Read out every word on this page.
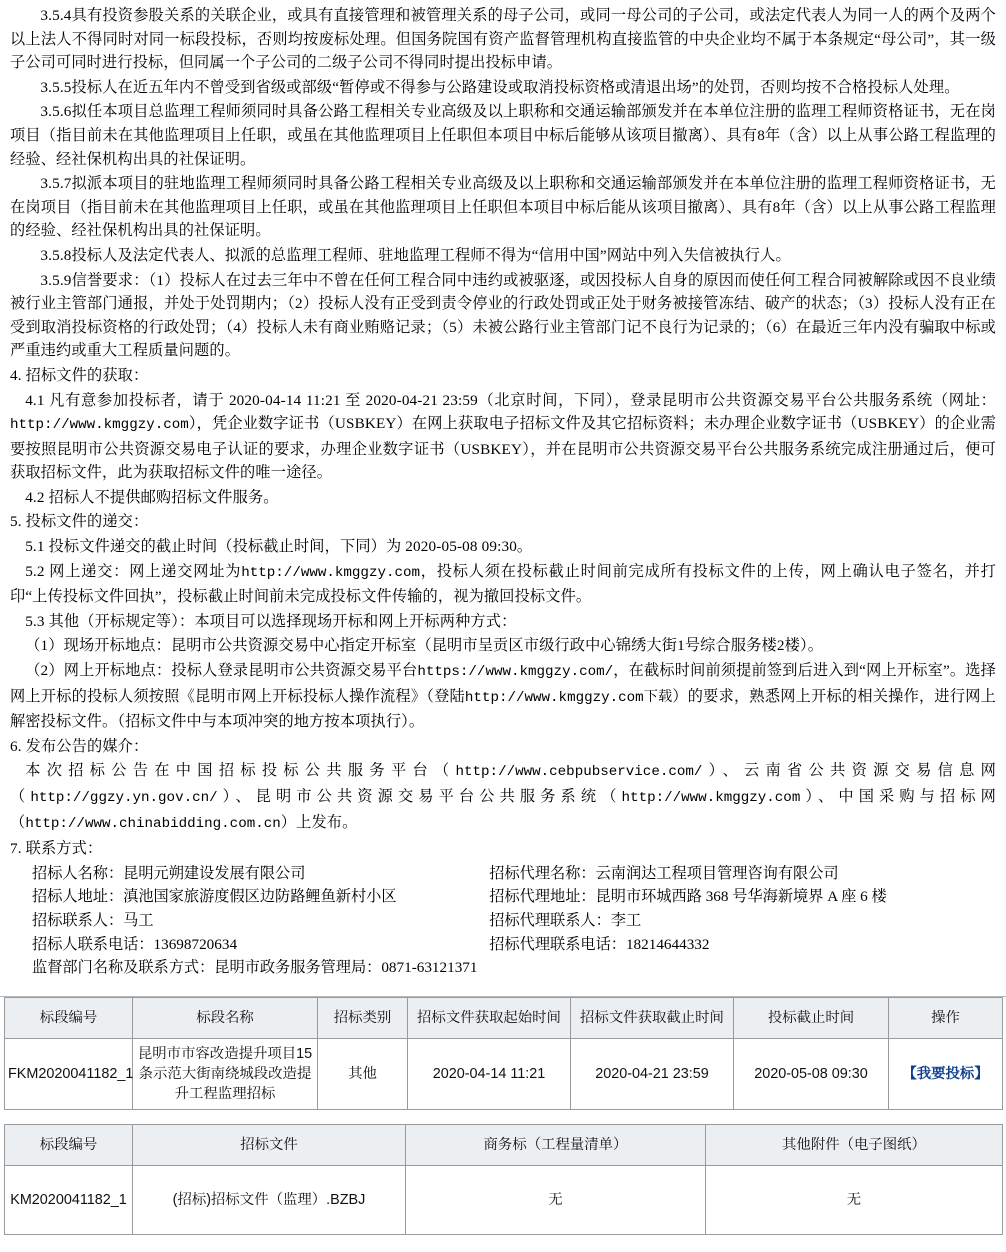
3.5.4具有投资参股关系的关联企业，或具有直接管理和被管理关系的母子公司，或同一母公司的子公司，或法定代表人为同一人的两个及两个以上法人不得同时对同一标段投标，否则均按废标处理。但国务院国有资产监督管理机构直接监管的中央企业均不属于本条规定“母公司”，其一级子公司可同时进行投标，但同属一个子公司的二级子公司不得同时提出投标申请。

3.5.5投标人在近五年内不曾受到省级或部级“暂停或不得参与公路建设或取消投标资格或清退出场”的处罚，否则均按不合格投标人处理。

3.5.6拟任本项目总监理工程师须同时具备公路工程相关专业高级及以上职称和交通运输部颁发并在本单位注册的监理工程师资格证书，无在岗项目（指目前未在其他监理项目上任职，或虽在其他监理项目上任职但本项目中标后能够从该项目撤离）、具有8年（含）以上从事公路工程监理的经验、经社保机构出具的社保证明。

3.5.7拟派本项目的驻地监理工程师须同时具备公路工程相关专业高级及以上职称和交通运输部颁发并在本单位注册的监理工程师资格证书，无在岗项目（指目前未在其他监理项目上任职，或虽在其他监理项目上任职但本项目中标后能从该项目撤离）、具有8年（含）以上从事公路工程监理的经验、经社保机构出具的社保证明。

3.5.8投标人及法定代表人、拟派的总监理工程师、驻地监理工程师不得为“信用中国”网站中列入失信被执行人。

3.5.9信誉要求：（1）投标人在过去三年中不曾在任何工程合同中违约或被驱逐，或因投标人自身的原因而使任何工程合同被解除或因不良业绩被行业主管部门通报，并处于处罚期内；（2）投标人没有正受到责令停业的行政处罚或正处于财务被接管冻结、破产的状态；（3）投标人没有正在受到取消投标资格的行政处罚；（4）投标人未有商业贿赂记录；（5）未被公路行业主管部门记不良行为记录的；（6）在最近三年内没有骗取中标或严重违约或重大工程质量问题的。

4. 招标文件的获取：

4.1 凡有意参加投标者，请于 2020-04-14 11:21 至 2020-04-21 23:59（北京时间，下同），登录昆明市公共资源交易平台公共服务系统（网址：http://www.kmggzy.com），凭企业数字证书（USBKEY）在网上获取电子招标文件及其它招标资料；未办理企业数字证书（USBKEY）的企业需要按照昆明市公共资源交易电子认证的要求，办理企业数字证书（USBKEY），并在昆明市公共资源交易平台公共服务系统完成注册通过后，便可获取招标文件，此为获取招标文件的唯一途径。

4.2 招标人不提供邮购招标文件服务。

5. 投标文件的递交：

5.1 投标文件递交的截止时间（投标截止时间，下同）为 2020-05-08 09:30。

5.2 网上递交：网上递交网址为http://www.kmggzy.com，投标人须在投标截止时间前完成所有投标文件的上传，网上确认电子签名，并打印“上传投标文件回执”，投标截止时间前未完成投标文件传输的，视为撤回投标文件。

5.3 其他（开标规定等）：本项目可以选择现场开标和网上开标两种方式：

（1）现场开标地点：昆明市公共资源交易中心指定开标室（昆明市呈贡区市级行政中心锦绣大街1号综合服务楼2楼）。

（2）网上开标地点：投标人登录昆明市公共资源交易平台https://www.kmggzy.com/，在截标时间前须提前签到后进入到“网上开标室”。选择网上开标的投标人须按照《昆明市网上开标投标人操作流程》（登陆http://www.kmggzy.com下载）的要求，熟悉网上开标的相关操作，进行网上解密投标文件。（招标文件中与本项冲突的地方按本项执行）。

6. 发布公告的媒介：

本次招标公告在中国招标投标公共服务平台（http://www.cebpubservice.com/）、云南省公共资源交易信息网（http://ggzy.yn.gov.cn/）、昆明市公共资源交易平台公共服务系统（http://www.kmggzy.com）、中国采购与招标网（http://www.chinabidding.com.cn）上发布。

7. 联系方式：

招标人名称：昆明元朔建设发展有限公司	招标代理名称：云南润达工程项目管理咨询有限公司
招标人地址：滇池国家旅游度假区边防路鲤鱼新村小区	招标代理地址：昆明市环城西路 368 号华海新境界 A 座 6 楼
招标联系人：马工	招标代理联系人：李工
招标人联系电话：13698720634	招标代理联系电话：18214644332
监督部门名称及联系方式：昆明市政务服务管理局：0871-63121371	
标段编号	标段名称	招标类别	招标文件获取起始时间	招标文件获取截止时间	投标截止时间	操作
FKM2020041182_1	昆明市市容改造提升项目15条示范大街南绕城段改造提升工程监理招标	其他	2020-04-14 11:21	2020-04-21 23:59	2020-05-08 09:30	【我要投标】
标段编号	招标文件	商务标（工程量清单）	其他附件（电子图纸）
KM2020041182_1	(招标)招标文件（监理）.BZBJ	无	无
